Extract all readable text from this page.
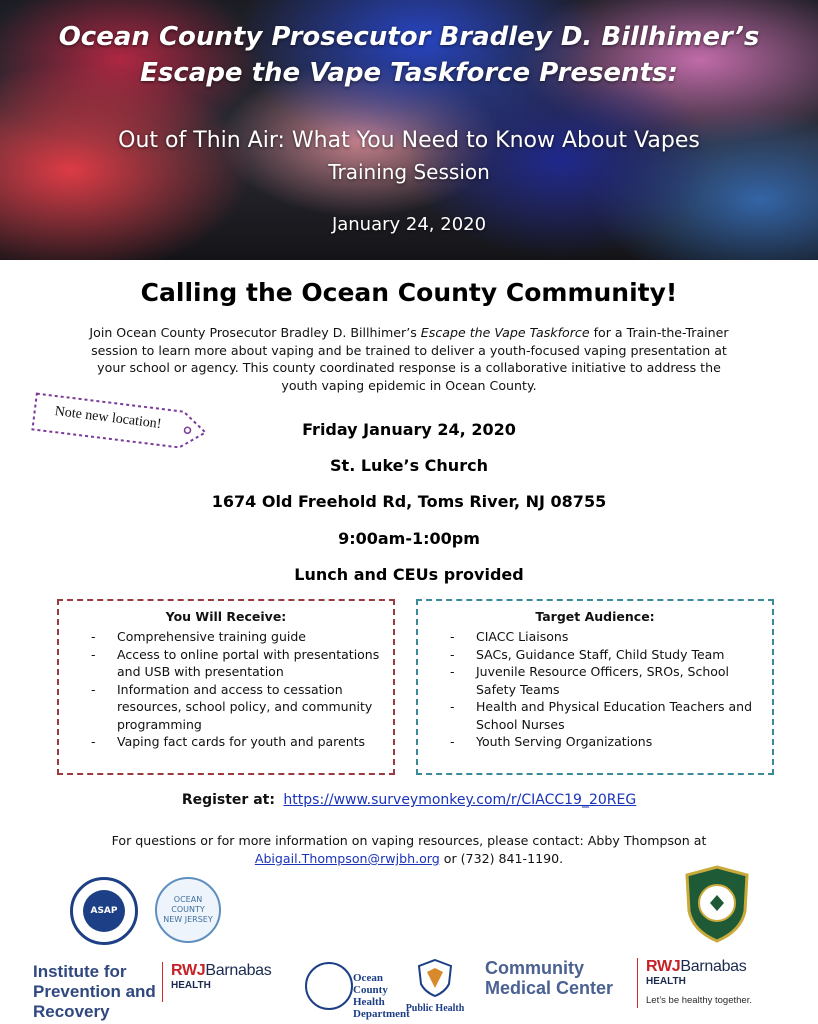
Ocean County Prosecutor Bradley D. Billhimer’s
Escape the Vape Taskforce Presents:
Out of Thin Air: What You Need to Know About Vapes
Training Session
January 24, 2020
Calling the Ocean County Community!
Join Ocean County Prosecutor Bradley D. Billhimer’s Escape the Vape Taskforce for a Train-the-Trainer session to learn more about vaping and be trained to deliver a youth-focused vaping presentation at your school or agency. This county coordinated response is a collaborative initiative to address the youth vaping epidemic in Ocean County.
Note new location!	Friday January 24, 2020
St. Luke’s Church
1674 Old Freehold Rd, Toms River, NJ 08755
9:00am-1:00pm
Lunch and CEUs provided
You Will Receive:
- Comprehensive training guide
- Access to online portal with presentations and USB with presentation
- Information and access to cessation resources, school policy, and community programming
- Vaping fact cards for youth and parents
Target Audience:
- CIACC Liaisons
- SACs, Guidance Staff, Child Study Team
- Juvenile Resource Officers, SROs, School Safety Teams
- Health and Physical Education Teachers and School Nurses
- Youth Serving Organizations
Register at: https://www.surveymonkey.com/r/CIACC19_20REG
For questions or for more information on vaping resources, please contact: Abby Thompson at
Abigail.Thompson@rwjbh.org or (732) 841-1190.
ASAP
OCEAN COUNTY NEW JERSEY
Institute for Prevention and Recovery
RWJBarnabas
HEALTH
Ocean
County
Health
Department
Public Health
Community
Medical Center
RWJBarnabas
HEALTH
Let’s be healthy together.
